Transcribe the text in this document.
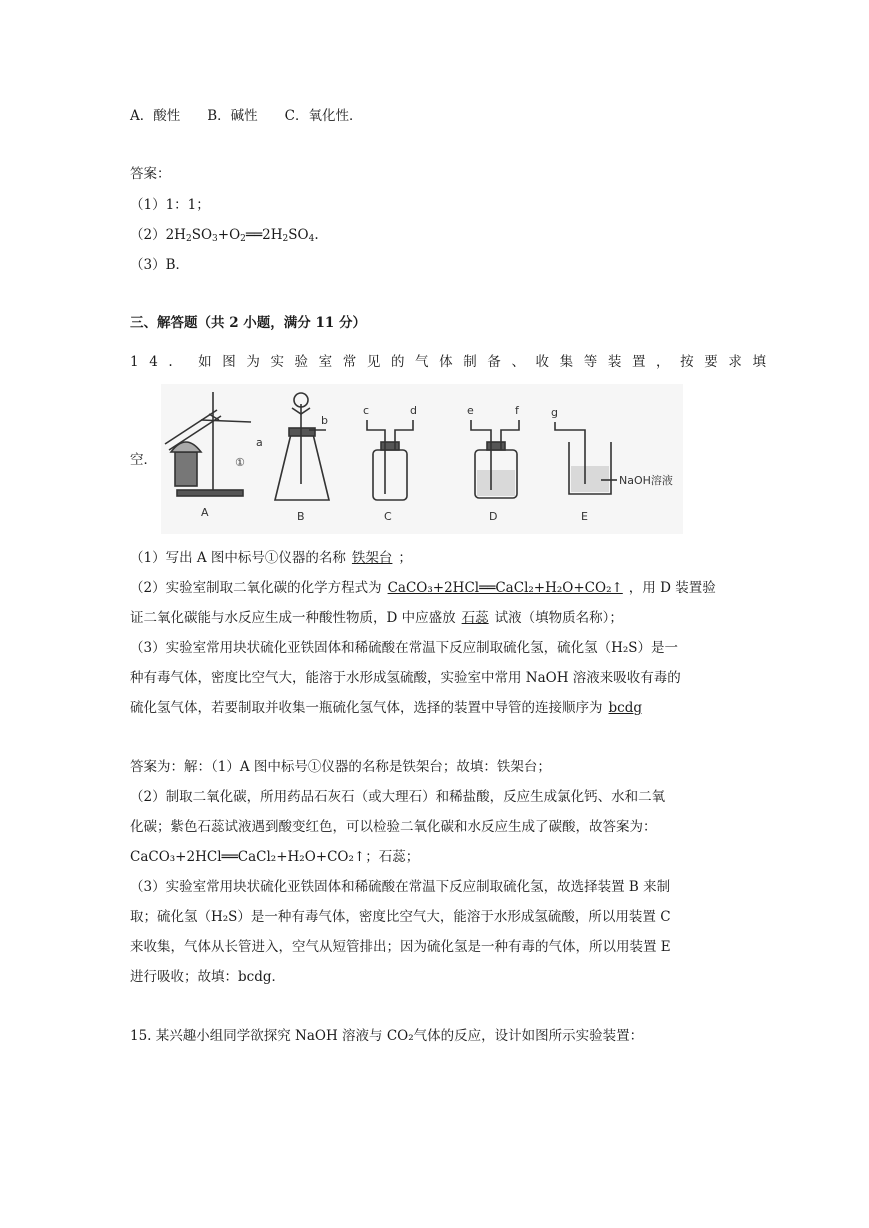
A．酸性　　B．碱性　　C．氧化性．
答案：
（1）1：1；
$(2)2H_2SO_3+O_2══2H_2SO_4$.
（3）B．
三、解答题（共 2 小题，满分 11 分）
14. 如图为实验室常见的气体制备、收集等装置，按要求填
空．
a
①
A
b
B
c	d
C
e	f
D
g
NaOH溶液
E
（1）写出 A 图中标号①仪器的名称 铁架台 ；
（2）实验室制取二氧化碳的化学方程式为 CaCO₃+2HCl══CaCl₂+H₂O+CO₂↑ ，用 D 装置验
证二氧化碳能与水反应生成一种酸性物质，D 中应盛放 石蕊 试液（填物质名称）；
（3）实验室常用块状硫化亚铁固体和稀硫酸在常温下反应制取硫化氢，硫化氢（H₂S）是一
种有毒气体，密度比空气大，能溶于水形成氢硫酸，实验室中常用 NaOH 溶液来吸收有毒的
硫化氢气体，若要制取并收集一瓶硫化氢气体，选择的装置中导管的连接顺序为 bcdg
答案为：解：（1）A 图中标号①仪器的名称是铁架台；故填：铁架台；
（2）制取二氧化碳，所用药品石灰石（或大理石）和稀盐酸，反应生成氯化钙、水和二氧
化碳；紫色石蕊试液遇到酸变红色，可以检验二氧化碳和水反应生成了碳酸，故答案为：
CaCO₃+2HCl══CaCl₂+H₂O+CO₂↑；石蕊；
（3）实验室常用块状硫化亚铁固体和稀硫酸在常温下反应制取硫化氢，故选择装置 B 来制
取；硫化氢（H₂S）是一种有毒气体，密度比空气大，能溶于水形成氢硫酸，所以用装置 C
来收集，气体从长管进入，空气从短管排出；因为硫化氢是一种有毒的气体，所以用装置 E
进行吸收；故填：bcdg．
15. 某兴趣小组同学欲探究 NaOH 溶液与 CO₂气体的反应，设计如图所示实验装置：
